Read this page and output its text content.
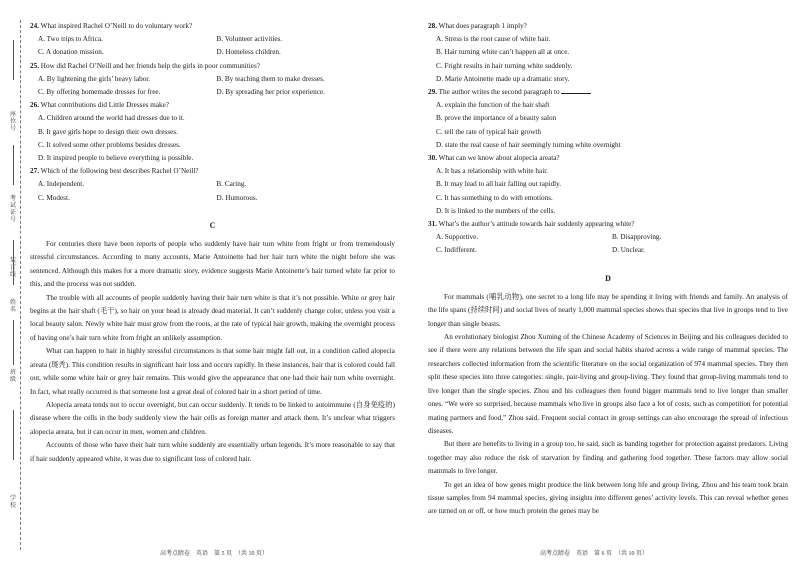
座位号
考试证号
装订线
姓名
班级
学校

24. What inspired Rachel O’Neill to do voluntary work?

A. Two trips to Africa.	B. Volunteer activities.
C. A donation mission.	D. Homeless children.

25. How did Rachel O’Neill and her friends help the girls in poor communities?

A. By lightening the girls’ heavy labor.	B. By teaching them to make dresses.
C. By offering homemade dresses for free.	D. By spreading her prior experience.

26. What contributions did Little Dresses make?

A. Children around the world had dresses due to it.
B. It gave girls hope to design their own dresses.
C. It solved some other problems besides dresses.
D. It inspired people to believe everything is possible.

27. Which of the following best describes Rachel O’Neill?

A. Independent.	B. Caring.
C. Modest.	D. Humorous.
C

For centuries there have been reports of people who suddenly have hair turn white from fright or from tremendously stressful circumstances. According to many accounts, Marie Antoinette had her hair turn white the night before she was sentenced. Although this makes for a more dramatic story, evidence suggests Marie Antoinette’s hair turned white far prior to this, and the process was not sudden.

The trouble with all accounts of people suddenly having their hair turn white is that it’s not possible. White or grey hair begins at the hair shaft (毛干), so hair on your head is already dead material. It can’t suddenly change color, unless you visit a local beauty salon. Newly white hair must grow from the roots, at the rate of typical hair growth, making the overnight process of having one’s hair turn white from fright an unlikely assumption.

What can happen to hair in highly stressful circumstances is that some hair might fall out, in a condition called alopecia areata (斑秃). This condition results in significant hair loss and occurs rapidly. In these instances, hair that is colored could fall out, while some white hair or grey hair remains. This would give the appearance that one had their hair turn white overnight. In fact, what really occurred is that someone lost a great deal of colored hair in a short period of time.

Alopecia areata tends not to occur overnight, but can occur suddenly. It tends to be linked to autoimmune (自身免疫的) disease where the cells in the body suddenly view the hair cells as foreign matter and attack them. It’s unclear what triggers alopecia areata, but it can occur in men, women and children.

Accounts of those who have their hair turn white suddenly are essentially urban legends. It’s more reasonable to say that if hair suddenly appeared white, it was due to significant loss of colored hair.

高考点睛卷　英语　第 5 页　（共 10 页）

28. What does paragraph 1 imply?

A. Stress is the root cause of white hair.
B. Hair turning white can’t happen all at once.
C. Fright results in hair turning white suddenly.
D. Marie Antoinette made up a dramatic story.

29. The author writes the second paragraph to

A. explain the function of the hair shaft
B. prove the importance of a beauty salon
C. tell the rate of typical hair growth
D. state the real cause of hair seemingly turning white overnight

30. What can we know about alopecia areata?

A. It has a relationship with white hair.
B. It may lead to all hair falling out rapidly.
C. It has something to do with emotions.
D. It is linked to the numbers of the cells.

31. What’s the author’s attitude towards hair suddenly appearing white?

A. Supportive.	B. Disapproving.
C. Indifferent.	D. Unclear.
D

For mammals (哺乳动物), one secret to a long life may be spending it living with friends and family. An analysis of the life spans (持续时间) and social lives of nearly 1,000 mammal species shows that species that live in groups tend to live longer than single beasts.

An evolutionary biologist Zhou Xuming of the Chinese Academy of Sciences in Beijing and his colleagues decided to see if there were any relations between the life span and social habits shared across a wide range of mammal species. The researchers collected information from the scientific literature on the social organization of 974 mammal species. They then split these species into three categories: single, pair-living and group-living. They found that group-living mammals tend to live longer than the single species. Zhou and his colleagues then found bigger mammals tend to live longer than smaller ones. “We were so surprised, because mammals who live in groups also face a lot of costs, such as competition for potential mating partners and food,” Zhou said. Frequent social contact in group settings can also encourage the spread of infectious diseases.

But there are benefits to living in a group too, he said, such as banding together for protection against predators. Living together may also reduce the risk of starvation by finding and gathering food together. These factors may allow social mammals to live longer.

To get an idea of how genes might produce the link between long life and group living, Zhou and his team took brain tissue samples from 94 mammal species, giving insights into different genes’ activity levels. This can reveal whether genes are turned on or off, or how much protein the genes may be

高考点睛卷　英语　第 6 页　（共 10 页）
